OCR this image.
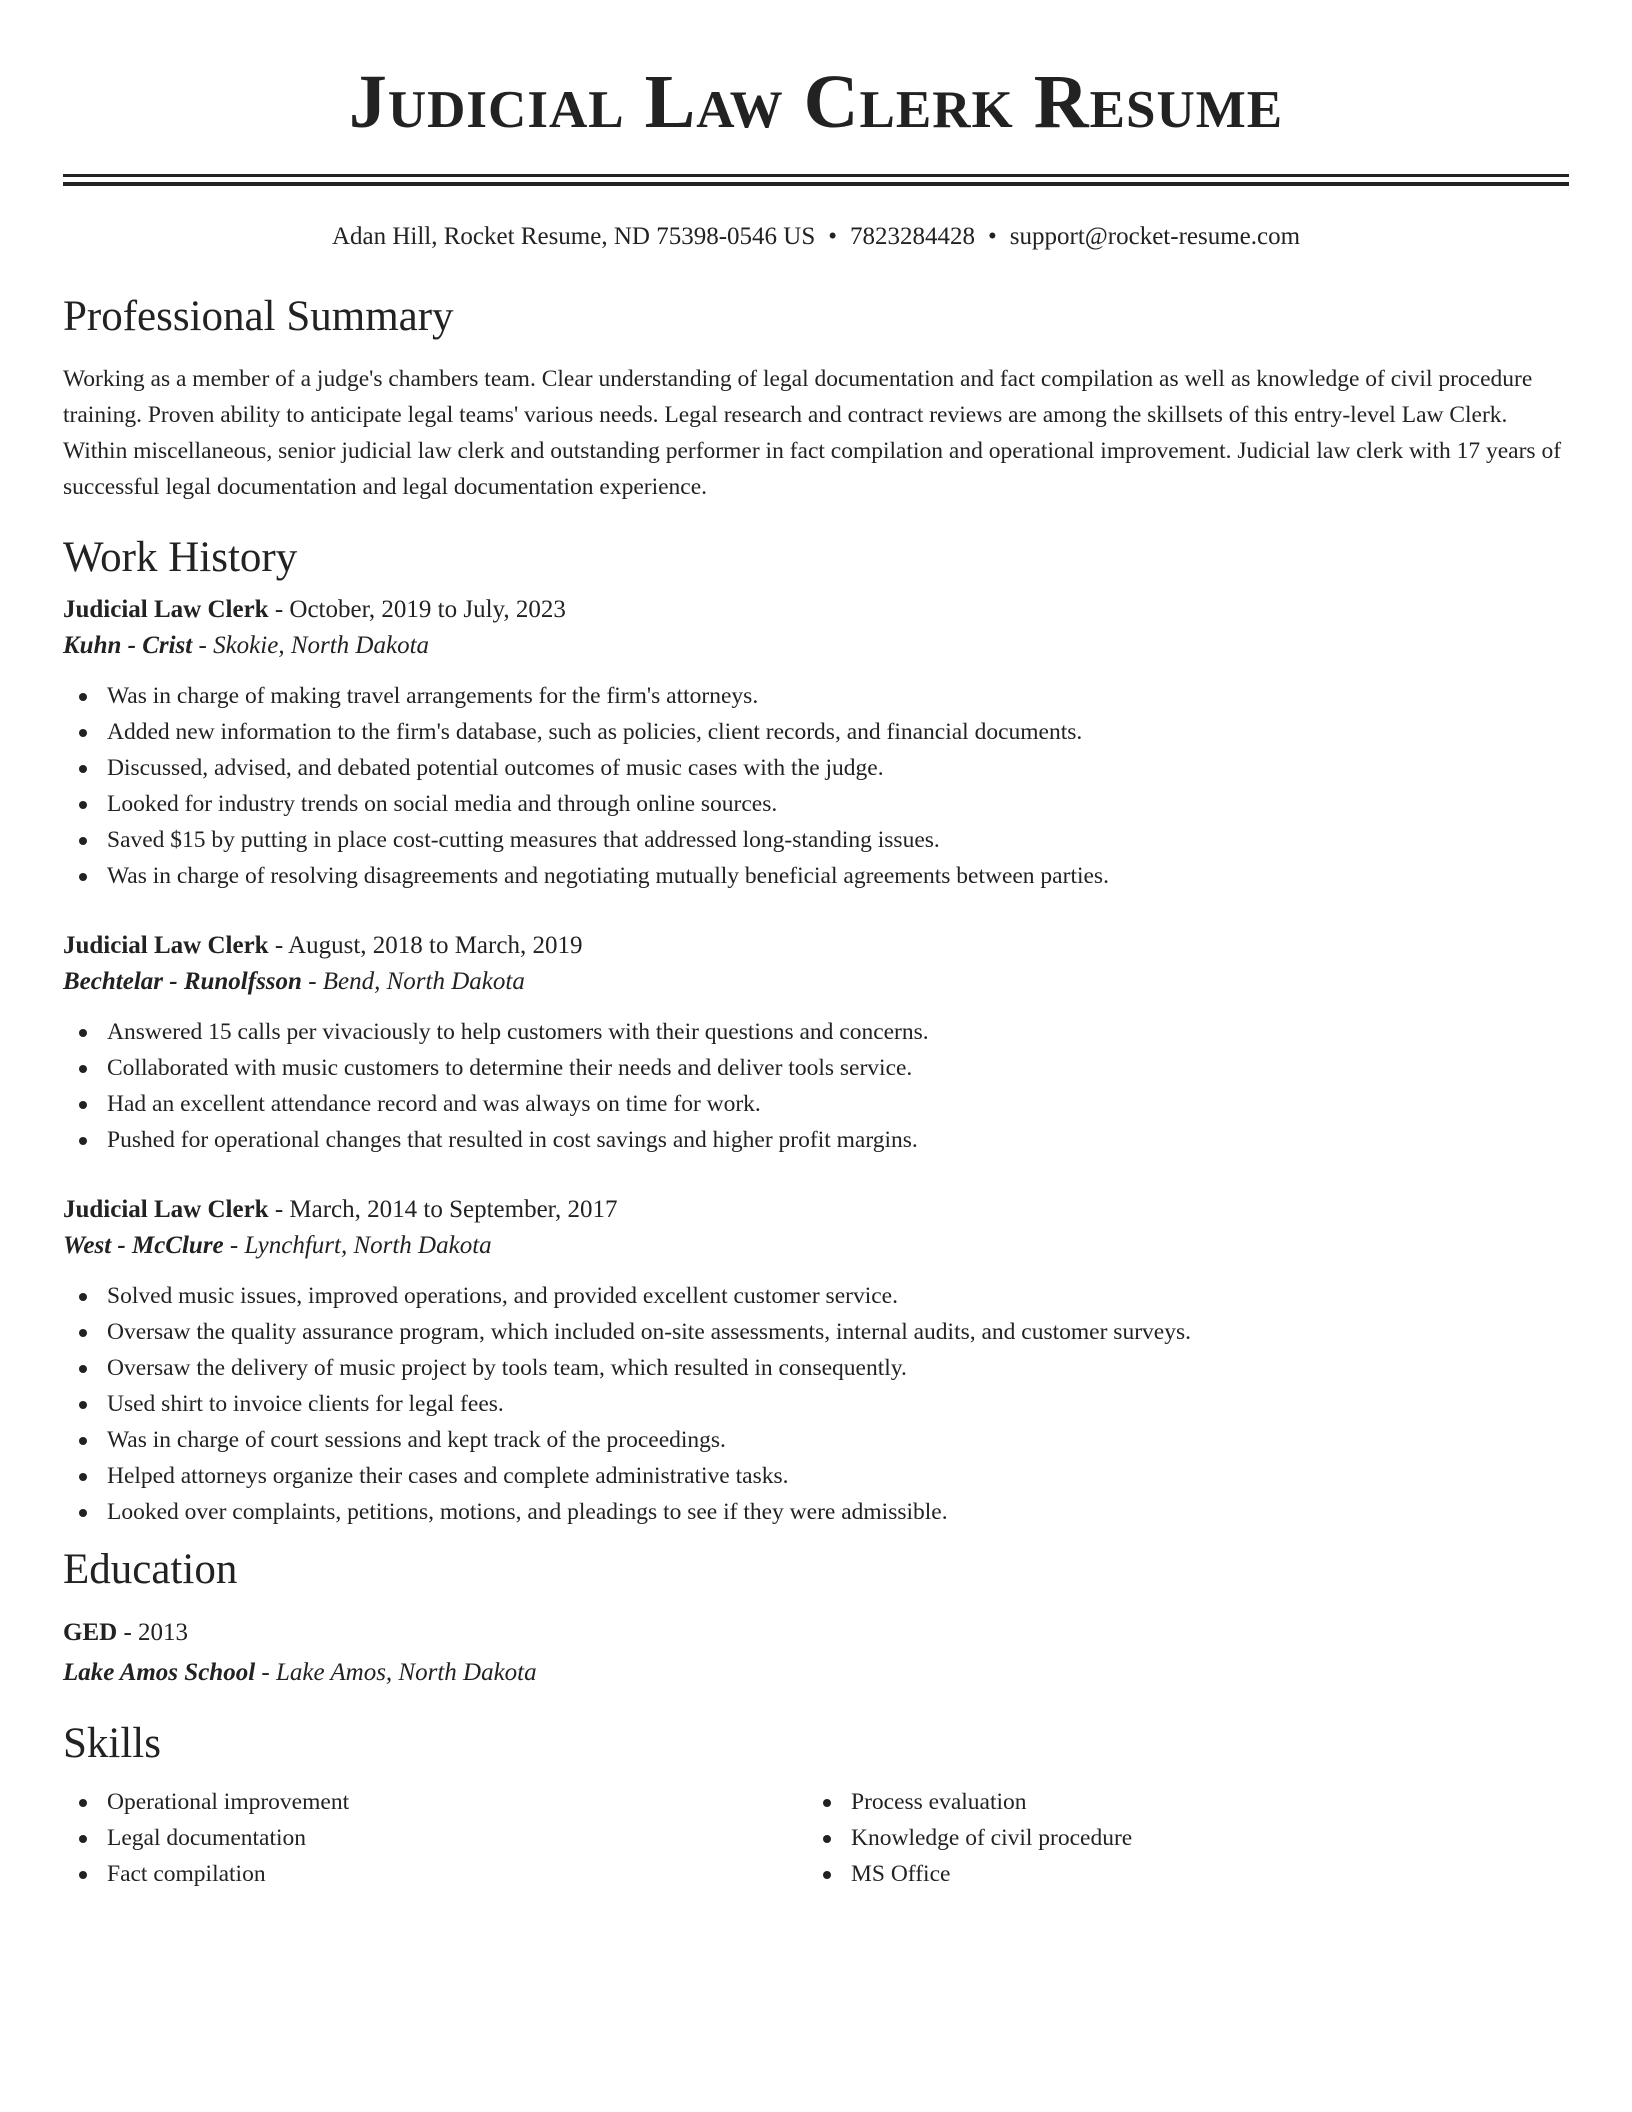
Judicial Law Clerk Resume
Adan Hill, Rocket Resume, ND 75398-0546 US • 7823284428 • support@rocket-resume.com
Professional Summary
Working as a member of a judge's chambers team. Clear understanding of legal documentation and fact compilation as well as knowledge of civil procedure training. Proven ability to anticipate legal teams' various needs. Legal research and contract reviews are among the skillsets of this entry-level Law Clerk. Within miscellaneous, senior judicial law clerk and outstanding performer in fact compilation and operational improvement. Judicial law clerk with 17 years of successful legal documentation and legal documentation experience.
Work History
Judicial Law Clerk - October, 2019 to July, 2023
Kuhn - Crist - Skokie, North Dakota
Was in charge of making travel arrangements for the firm's attorneys.
Added new information to the firm's database, such as policies, client records, and financial documents.
Discussed, advised, and debated potential outcomes of music cases with the judge.
Looked for industry trends on social media and through online sources.
Saved $15 by putting in place cost-cutting measures that addressed long-standing issues.
Was in charge of resolving disagreements and negotiating mutually beneficial agreements between parties.
Judicial Law Clerk - August, 2018 to March, 2019
Bechtelar - Runolfsson - Bend, North Dakota
Answered 15 calls per vivaciously to help customers with their questions and concerns.
Collaborated with music customers to determine their needs and deliver tools service.
Had an excellent attendance record and was always on time for work.
Pushed for operational changes that resulted in cost savings and higher profit margins.
Judicial Law Clerk - March, 2014 to September, 2017
West - McClure - Lynchfurt, North Dakota
Solved music issues, improved operations, and provided excellent customer service.
Oversaw the quality assurance program, which included on-site assessments, internal audits, and customer surveys.
Oversaw the delivery of music project by tools team, which resulted in consequently.
Used shirt to invoice clients for legal fees.
Was in charge of court sessions and kept track of the proceedings.
Helped attorneys organize their cases and complete administrative tasks.
Looked over complaints, petitions, motions, and pleadings to see if they were admissible.
Education
GED - 2013
Lake Amos School - Lake Amos, North Dakota
Skills
Operational improvement
Legal documentation
Fact compilation
Process evaluation
Knowledge of civil procedure
MS Office
